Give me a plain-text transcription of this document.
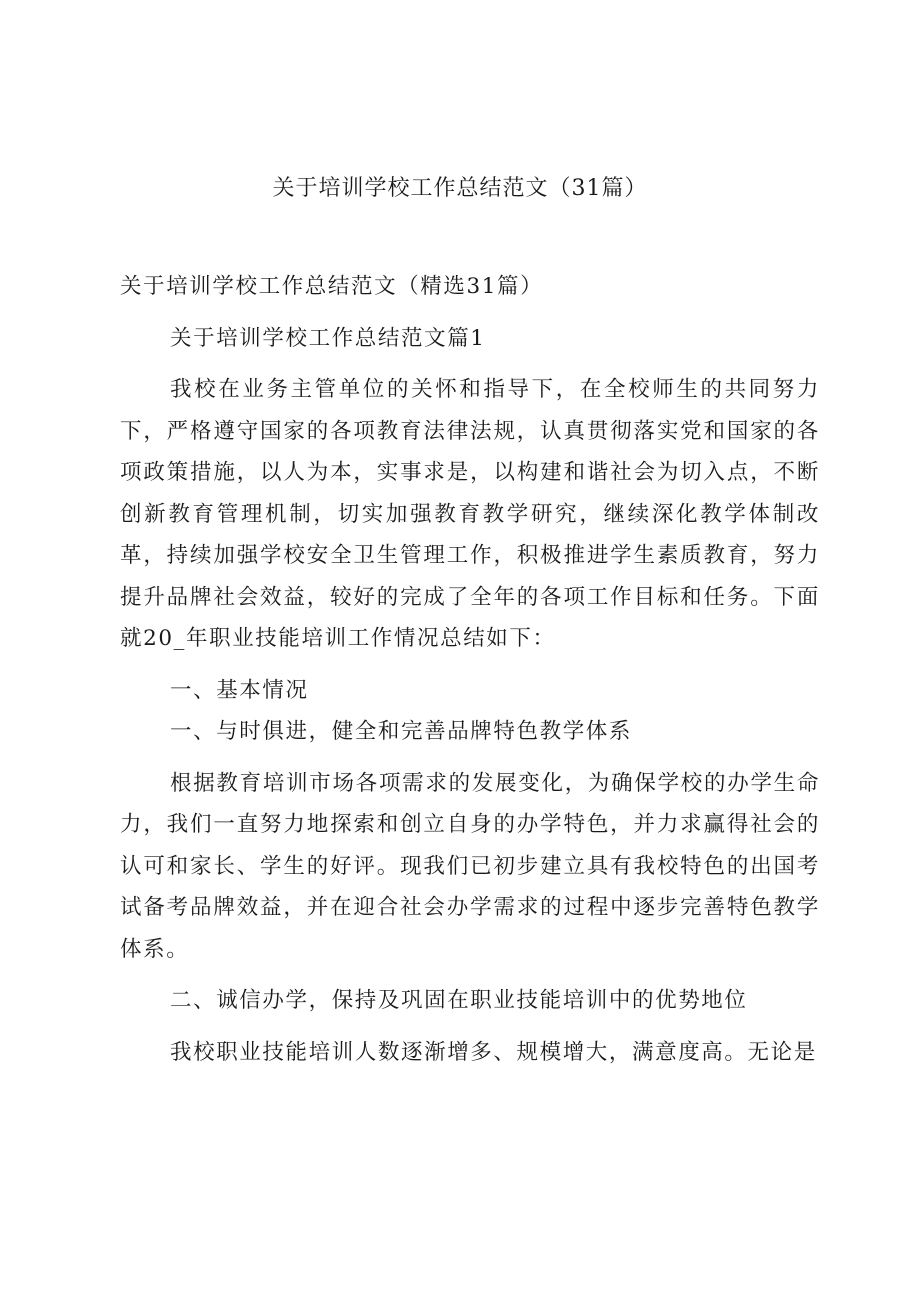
关于培训学校工作总结范文（31篇）

关于培训学校工作总结范文（精选31篇）

关于培训学校工作总结范文篇1

我校在业务主管单位的关怀和指导下，在全校师生的共同努力下，严格遵守国家的各项教育法律法规，认真贯彻落实党和国家的各项政策措施，以人为本，实事求是，以构建和谐社会为切入点，不断创新教育管理机制，切实加强教育教学研究，继续深化教学体制改革，持续加强学校安全卫生管理工作，积极推进学生素质教育，努力提升品牌社会效益，较好的完成了全年的各项工作目标和任务。下面就20_年职业技能培训工作情况总结如下：

一、基本情况

一、与时俱进，健全和完善品牌特色教学体系

根据教育培训市场各项需求的发展变化，为确保学校的办学生命力，我们一直努力地探索和创立自身的办学特色，并力求赢得社会的认可和家长、学生的好评。现我们已初步建立具有我校特色的出国考试备考品牌效益，并在迎合社会办学需求的过程中逐步完善特色教学体系。

二、诚信办学，保持及巩固在职业技能培训中的优势地位

我校职业技能培训人数逐渐增多、规模增大，满意度高。无论是
